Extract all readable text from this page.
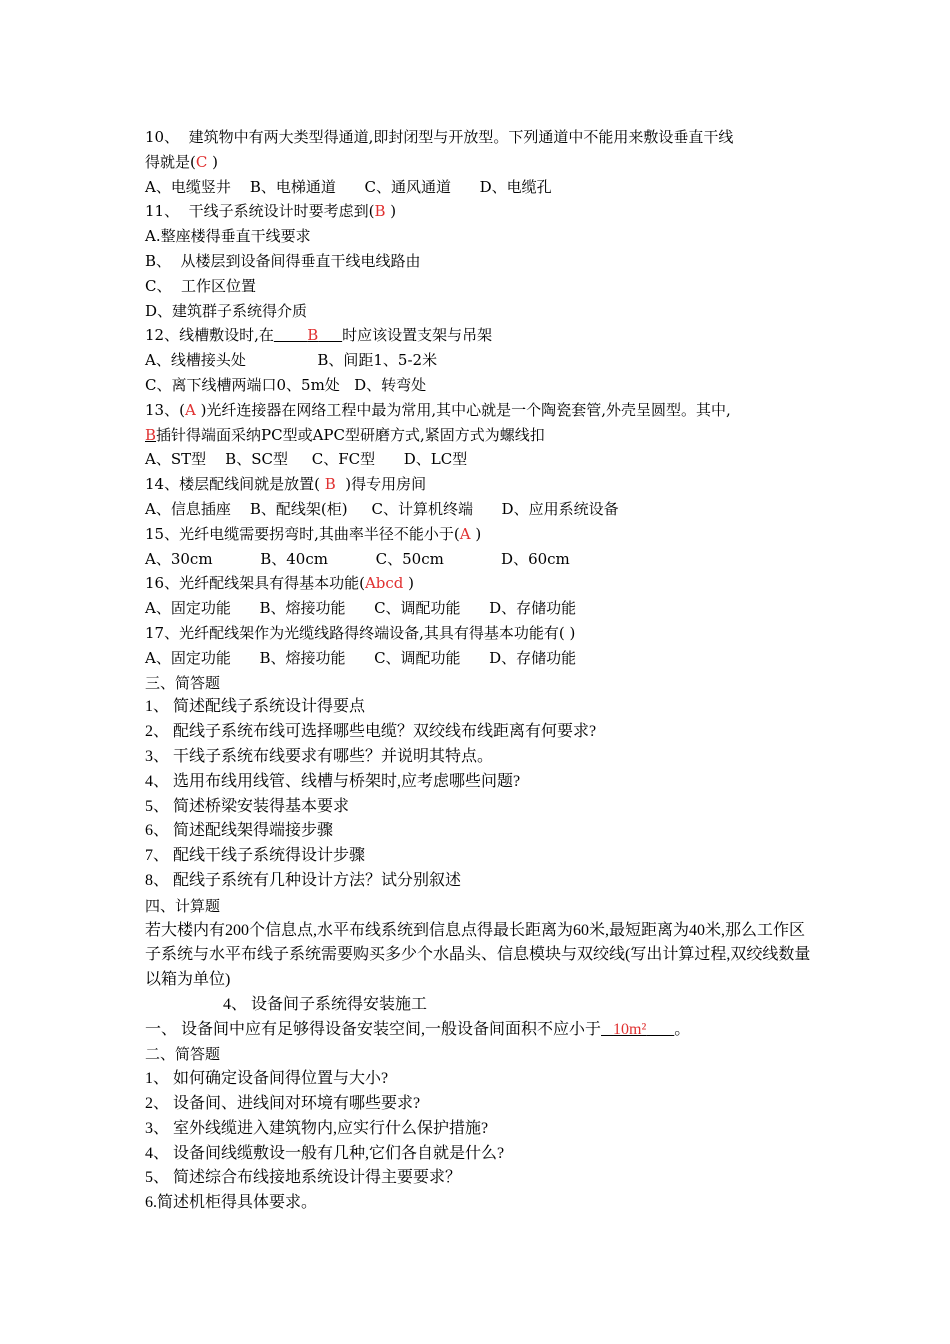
10、  建筑物中有两大类型得通道,即封闭型与开放型。下列通道中不能用来敷设垂直干线
得就是(C )
A、电缆竖井    B、电梯通道      C、通风通道      D、电缆孔
11、  干线子系统设计时要考虑到(B )
A.整座楼得垂直干线要求
B、  从楼层到设备间得垂直干线电线路由
C、  工作区位置
D、建筑群子系统得介质
12、线槽敷设时,在 B 时应该设置支架与吊架
A、线槽接头处               B、间距1、5-2米
C、离下线槽两端口0、5m处   D、转弯处
13、(A )光纤连接器在网络工程中最为常用,其中心就是一个陶瓷套管,外壳呈圆型。其中,
B插针得端面采纳PC型或APC型研磨方式,紧固方式为螺线扣
A、ST型    B、SC型     C、FC型      D、LC型
14、楼层配线间就是放置( B  )得专用房间
A、信息插座    B、配线架(柜)     C、计算机终端      D、应用系统设备
15、光纤电缆需要拐弯时,其曲率半径不能小于(A )
A、30cm          B、40cm          C、50cm            D、60cm
16、光纤配线架具有得基本功能(Abcd )
A、固定功能      B、熔接功能      C、调配功能      D、存储功能
17、光纤配线架作为光缆线路得终端设备,其具有得基本功能有( )
A、固定功能      B、熔接功能      C、调配功能      D、存储功能
三、简答题
1、 简述配线子系统设计得要点
2、 配线子系统布线可选择哪些电缆？双绞线布线距离有何要求?
3、 干线子系统布线要求有哪些？并说明其特点。
4、 选用布线用线管、线槽与桥架时,应考虑哪些问题?
5、 简述桥梁安装得基本要求
6、 简述配线架得端接步骤
7、 配线干线子系统得设计步骤
8、 配线子系统有几种设计方法？试分别叙述
四、计算题
若大楼内有200个信息点,水平布线系统到信息点得最长距离为60米,最短距离为40米,那么工作区子系统与水平布线子系统需要购买多少个水晶头、信息模块与双绞线(写出计算过程,双绞线数量以箱为单位)
4、 设备间子系统得安装施工
一、 设备间中应有足够得设备安装空间,一般设备间面积不应小于 10m² 。
二、简答题
1、 如何确定设备间得位置与大小?
2、 设备间、进线间对环境有哪些要求?
3、 室外线缆进入建筑物内,应实行什么保护措施?
4、 设备间线缆敷设一般有几种,它们各自就是什么?
5、 简述综合布线接地系统设计得主要要求？
6.简述机柜得具体要求。
